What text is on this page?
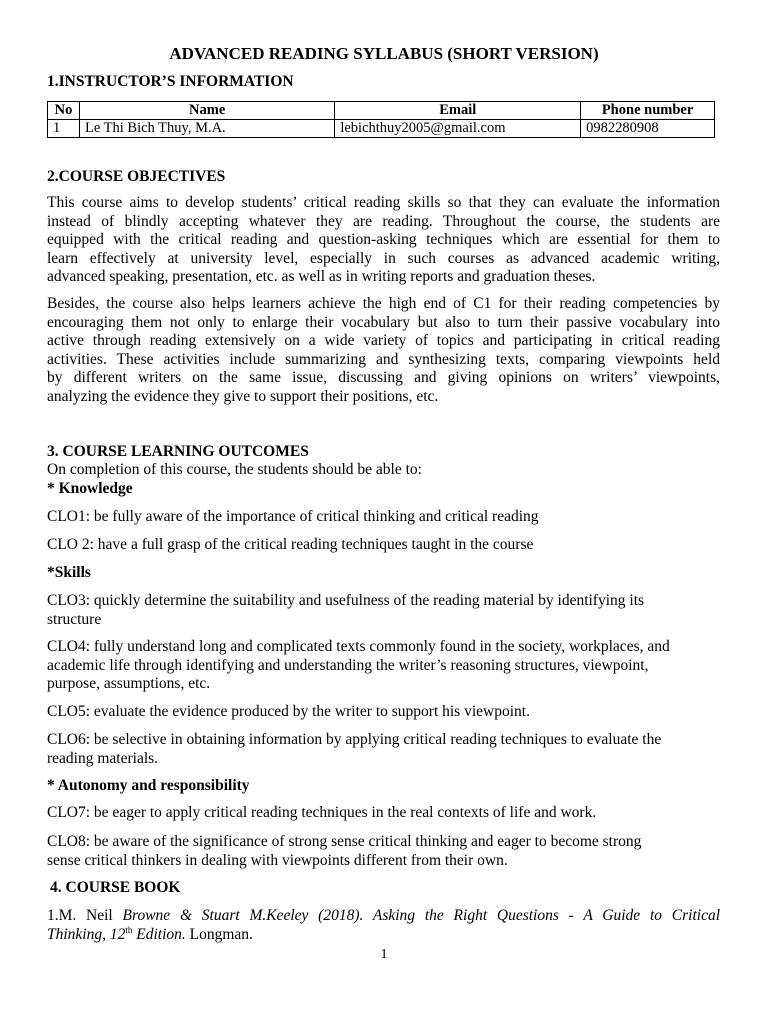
ADVANCED READING SYLLABUS (SHORT VERSION)
1.INSTRUCTOR’S INFORMATION
No	Name	Email	Phone number
1	Le Thi Bich Thuy, M.A.	lebichthuy2005@gmail.com	0982280908
2.COURSE OBJECTIVES
This course aims to develop students’ critical reading skills so that they can evaluate the information
instead of blindly accepting whatever they are reading. Throughout the course, the students are
equipped with the critical reading and question-asking techniques which are essential for them to
learn effectively at university level, especially in such courses as advanced academic writing,
advanced speaking, presentation, etc. as well as in writing reports and graduation theses.
Besides, the course also helps learners achieve the high end of C1 for their reading competencies by
encouraging them not only to enlarge their vocabulary but also to turn their passive vocabulary into
active through reading extensively on a wide variety of topics and participating in critical reading
activities. These activities include summarizing and synthesizing texts, comparing viewpoints held
by different writers on the same issue, discussing and giving opinions on writers’ viewpoints,
analyzing the evidence they give to support their positions, etc.
3. COURSE LEARNING OUTCOMES
On completion of this course, the students should be able to:
* Knowledge
CLO1: be fully aware of the importance of critical thinking and critical reading
CLO 2: have a full grasp of the critical reading techniques taught in the course
*Skills
CLO3: quickly determine the suitability and usefulness of the reading material by identifying its
structure
CLO4: fully understand long and complicated texts commonly found in the society, workplaces, and
academic life through identifying and understanding the writer’s reasoning structures, viewpoint,
purpose, assumptions, etc.
CLO5: evaluate the evidence produced by the writer to support his viewpoint.
CLO6: be selective in obtaining information by applying critical reading techniques to evaluate the
reading materials.
* Autonomy and responsibility
CLO7: be eager to apply critical reading techniques in the real contexts of life and work.
CLO8: be aware of the significance of strong sense critical thinking and eager to become strong
sense critical thinkers in dealing with viewpoints different from their own.
4. COURSE BOOK
1.M. Neil Browne & Stuart M.Keeley (2018). Asking the Right Questions - A Guide to Critical
Thinking, 12th Edition. Longman.
1
